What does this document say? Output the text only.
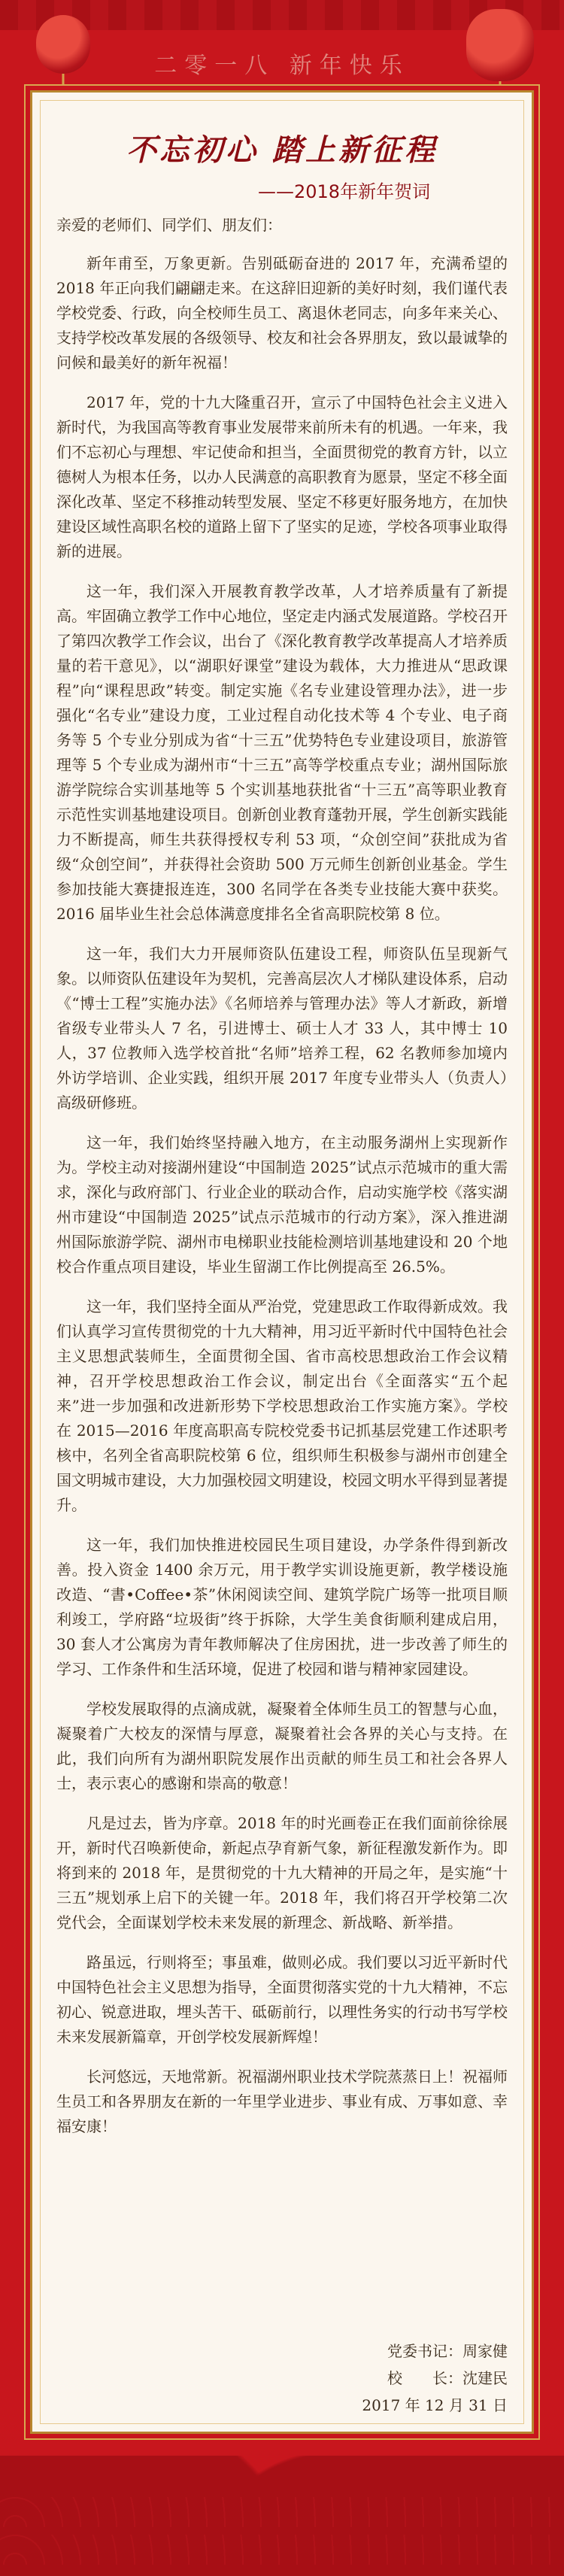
二零一八 新年快乐
不忘初心 踏上新征程
——2018年新年贺词

亲爱的老师们、同学们、朋友们：

新年甫至，万象更新。告别砥砺奋进的 2017 年，充满希望的 2018 年正向我们翩翩走来。在这辞旧迎新的美好时刻，我们谨代表学校党委、行政，向全校师生员工、离退休老同志，向多年来关心、支持学校改革发展的各级领导、校友和社会各界朋友，致以最诚挚的问候和最美好的新年祝福！

2017 年，党的十九大隆重召开，宣示了中国特色社会主义进入新时代，为我国高等教育事业发展带来前所未有的机遇。一年来，我们不忘初心与理想、牢记使命和担当，全面贯彻党的教育方针，以立德树人为根本任务，以办人民满意的高职教育为愿景，坚定不移全面深化改革、坚定不移推动转型发展、坚定不移更好服务地方，在加快建设区域性高职名校的道路上留下了坚实的足迹，学校各项事业取得新的进展。

这一年，我们深入开展教育教学改革，人才培养质量有了新提高。牢固确立教学工作中心地位，坚定走内涵式发展道路。学校召开了第四次教学工作会议，出台了《深化教育教学改革提高人才培养质量的若干意见》，以“湖职好课堂”建设为载体，大力推进从“思政课程”向“课程思政”转变。制定实施《名专业建设管理办法》，进一步强化“名专业”建设力度，工业过程自动化技术等 4 个专业、电子商务等 5 个专业分别成为省“十三五”优势特色专业建设项目，旅游管理等 5 个专业成为湖州市“十三五”高等学校重点专业；湖州国际旅游学院综合实训基地等 5 个实训基地获批省“十三五”高等职业教育示范性实训基地建设项目。创新创业教育蓬勃开展，学生创新实践能力不断提高，师生共获得授权专利 53 项，“众创空间”获批成为省级“众创空间”，并获得社会资助 500 万元师生创新创业基金。学生参加技能大赛捷报连连，300 名同学在各类专业技能大赛中获奖。2016 届毕业生社会总体满意度排名全省高职院校第 8 位。

这一年，我们大力开展师资队伍建设工程，师资队伍呈现新气象。以师资队伍建设年为契机，完善高层次人才梯队建设体系，启动《“博士工程”实施办法》《名师培养与管理办法》等人才新政，新增省级专业带头人 7 名，引进博士、硕士人才 33 人，其中博士 10 人，37 位教师入选学校首批“名师”培养工程，62 名教师参加境内外访学培训、企业实践，组织开展 2017 年度专业带头人（负责人）高级研修班。

这一年，我们始终坚持融入地方，在主动服务湖州上实现新作为。学校主动对接湖州建设“中国制造 2025”试点示范城市的重大需求，深化与政府部门、行业企业的联动合作，启动实施学校《落实湖州市建设“中国制造 2025”试点示范城市的行动方案》，深入推进湖州国际旅游学院、湖州市电梯职业技能检测培训基地建设和 20 个地校合作重点项目建设，毕业生留湖工作比例提高至 26.5%。

这一年，我们坚持全面从严治党，党建思政工作取得新成效。我们认真学习宣传贯彻党的十九大精神，用习近平新时代中国特色社会主义思想武装师生，全面贯彻全国、省市高校思想政治工作会议精神，召开学校思想政治工作会议，制定出台《全面落实“五个起来”进一步加强和改进新形势下学校思想政治工作实施方案》。学校在 2015—2016 年度高职高专院校党委书记抓基层党建工作述职考核中，名列全省高职院校第 6 位，组织师生积极参与湖州市创建全国文明城市建设，大力加强校园文明建设，校园文明水平得到显著提升。

这一年，我们加快推进校园民生项目建设，办学条件得到新改善。投入资金 1400 余万元，用于教学实训设施更新，教学楼设施改造、“書•Coffee•茶”休闲阅读空间、建筑学院广场等一批项目顺利竣工，学府路“垃圾街”终于拆除，大学生美食街顺利建成启用，30 套人才公寓房为青年教师解决了住房困扰，进一步改善了师生的学习、工作条件和生活环境，促进了校园和谐与精神家园建设。

学校发展取得的点滴成就，凝聚着全体师生员工的智慧与心血，凝聚着广大校友的深情与厚意，凝聚着社会各界的关心与支持。在此，我们向所有为湖州职院发展作出贡献的师生员工和社会各界人士，表示衷心的感谢和崇高的敬意！

凡是过去，皆为序章。2018 年的时光画卷正在我们面前徐徐展开，新时代召唤新使命，新起点孕育新气象，新征程激发新作为。即将到来的 2018 年，是贯彻党的十九大精神的开局之年，是实施“十三五”规划承上启下的关键一年。2018 年，我们将召开学校第二次党代会，全面谋划学校未来发展的新理念、新战略、新举措。

路虽远，行则将至；事虽难，做则必成。我们要以习近平新时代中国特色社会主义思想为指导，全面贯彻落实党的十九大精神，不忘初心、锐意进取，埋头苦干、砥砺前行，以理性务实的行动书写学校未来发展新篇章，开创学校发展新辉煌！

长河悠远，天地常新。祝福湖州职业技术学院蒸蒸日上！祝福师生员工和各界朋友在新的一年里学业进步、事业有成、万事如意、幸福安康！

党委书记：周家健
校　　长：沈建民
2017 年 12 月 31 日
